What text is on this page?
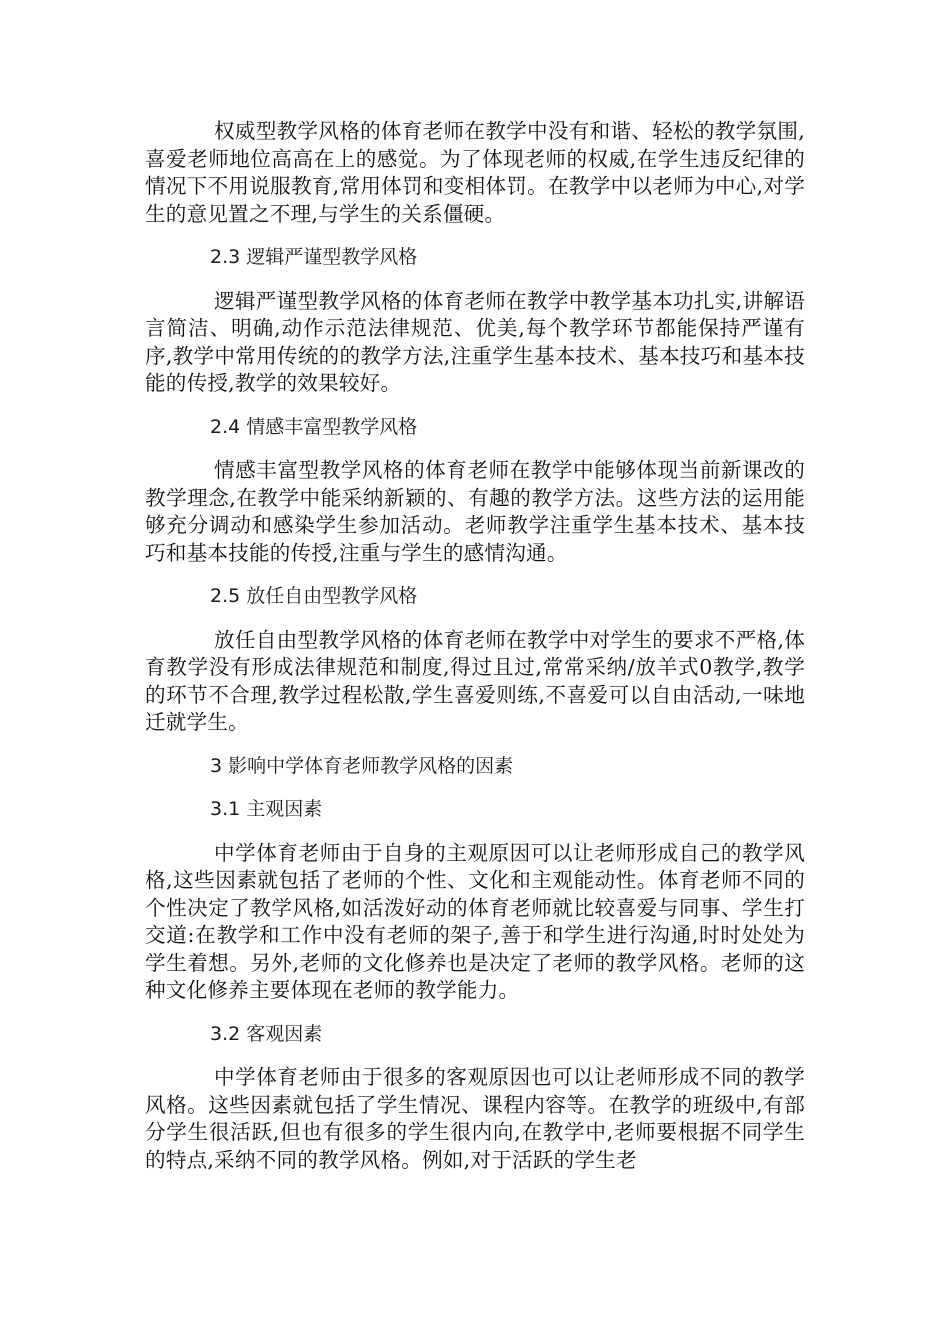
权威型教学风格的体育老师在教学中没有和谐、轻松的教学氛围,喜爱老师地位高高在上的感觉。为了体现老师的权威,在学生违反纪律的情况下不用说服教育,常用体罚和变相体罚。在教学中以老师为中心,对学生的意见置之不理,与学生的关系僵硬。

2.3 逻辑严谨型教学风格

逻辑严谨型教学风格的体育老师在教学中教学基本功扎实,讲解语言简洁、明确,动作示范法律规范、优美,每个教学环节都能保持严谨有序,教学中常用传统的的教学方法,注重学生基本技术、基本技巧和基本技能的传授,教学的效果较好。

2.4 情感丰富型教学风格

情感丰富型教学风格的体育老师在教学中能够体现当前新课改的教学理念,在教学中能采纳新颖的、有趣的教学方法。这些方法的运用能够充分调动和感染学生参加活动。老师教学注重学生基本技术、基本技巧和基本技能的传授,注重与学生的感情沟通。

2.5 放任自由型教学风格

放任自由型教学风格的体育老师在教学中对学生的要求不严格,体育教学没有形成法律规范和制度,得过且过,常常采纳/放羊式0教学,教学的环节不合理,教学过程松散,学生喜爱则练,不喜爱可以自由活动,一味地迁就学生。

3 影响中学体育老师教学风格的因素

3.1 主观因素

中学体育老师由于自身的主观原因可以让老师形成自己的教学风格,这些因素就包括了老师的个性、文化和主观能动性。体育老师不同的个性决定了教学风格,如活泼好动的体育老师就比较喜爱与同事、学生打交道:在教学和工作中没有老师的架子,善于和学生进行沟通,时时处处为学生着想。另外,老师的文化修养也是决定了老师的教学风格。老师的这种文化修养主要体现在老师的教学能力。

3.2 客观因素

中学体育老师由于很多的客观原因也可以让老师形成不同的教学风格。这些因素就包括了学生情况、课程内容等。在教学的班级中,有部分学生很活跃,但也有很多的学生很内向,在教学中,老师要根据不同学生的特点,采纳不同的教学风格。例如,对于活跃的学生老
